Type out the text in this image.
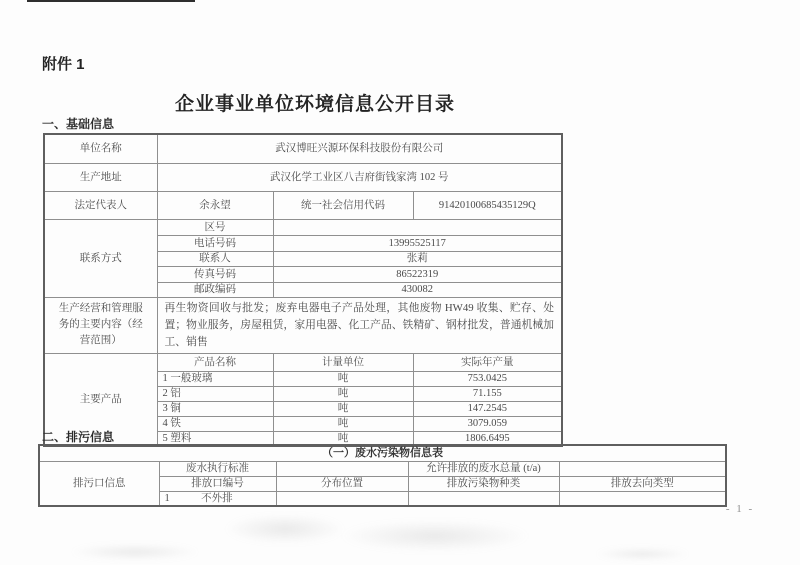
附件 1
企业事业单位环境信息公开目录
一、基础信息
单位名称	武汉博旺兴源环保科技股份有限公司		
生产地址	武汉化学工业区八吉府街钱家湾 102 号		
法定代表人	余永望	统一社会信用代码	91420100685435129Q
联系方式	区号		
	电话号码	13995525117	
	联系人	张莉	
	传真号码	86522319	
	邮政编码	430082	
生产经营和管理服务的主要内容（经营范围）	再生物资回收与批发；废弃电器电子产品处理，其他废物 HW49 收集、贮存、处置；物业服务，房屋租赁，家用电器、化工产品、铁精矿、钢材批发，普通机械加工、销售		
主要产品	产品名称	计量单位	实际年产量
	1 一般玻璃	吨	753.0425
	2 铝	吨	71.155
	3 铜	吨	147.2545
	4 铁	吨	3079.059
	5 塑料	吨	1806.6495
二、排污信息
（一）废水污染物信息表				
排污口信息	废水执行标准		允许排放的废水总量 (t/a)	
	排放口编号	分布位置	排放污染物种类	排放去向类型
	1 不外排			
- 1 -
